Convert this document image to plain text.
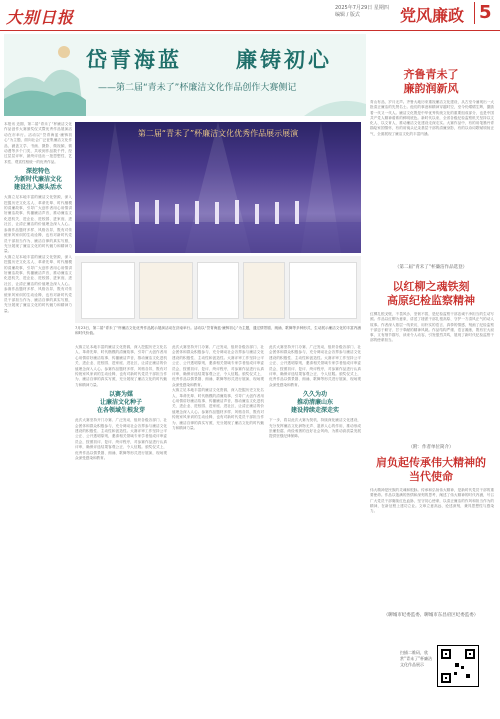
大别日报	2025年7月29日 星期四
编辑 / 版式	党风廉政 5
岱青海蓝	廉铸初心
——第二届“青未了”杯廉洁文化作品创作大赛侧记

本报讯 近期，第二届“青未了”杯廉洁文化作品创作大赛颁奖仪式暨优秀作品展演活动在市举行。活动以“岱青海蓝·廉铸初心”为主题，面向社会广泛征集廉洁文化作品，涵盖文学、书画、摄影、微视频、微动漫等多个门类，共收到作品数千件，经过层层评审，最终评选出一批思想性、艺术性、观赏性相统一的优秀作品。

深挖特色
为新时代廉洁文化
建设注入源头活水

大赛立足本地丰富的廉洁文化资源，深入挖掘历史文化名人、革命先辈、时代楷模的清廉故事，引导广大创作者用心用情讲好廉洁故事、传播廉洁声音，推动廉洁文化进机关、进企业、进校园、进家庭、进社区，让清正廉洁的价值理念深入人心。参赛作品题材多样、风格各异，既有对传统家风家训的生动诠释，也有对新时代党员干部担当作为、廉洁自律的真实写照，充分展现了廉洁文化的时代魅力和精神力量。

大赛立足本地丰富的廉洁文化资源，深入挖掘历史文化名人、革命先辈、时代楷模的清廉故事，引导广大创作者用心用情讲好廉洁故事、传播廉洁声音，推动廉洁文化进机关、进企业、进校园、进家庭、进社区，让清正廉洁的价值理念深入人心。参赛作品题材多样、风格各异，既有对传统家风家训的生动诠释，也有对新时代党员干部担当作为、廉洁自律的真实写照，充分展现了廉洁文化的时代魅力和精神力量。

第二届“青未了”杯廉洁文化优秀作品展示展演
7月23日，第二届“青未了”杯廉洁文化优秀作品展示展演活动在济南举行。活动以“岱青海蓝·廉铸初心”为主题，通过情景剧、朗诵、歌舞等多种形式，生动展示廉洁文化的丰富内涵和时代价值。

大赛立足本地丰富的廉洁文化资源，深入挖掘历史文化名人、革命先辈、时代楷模的清廉故事，引导广大创作者用心用情讲好廉洁故事、传播廉洁声音，推动廉洁文化进机关、进企业、进校园、进家庭、进社区，让清正廉洁的价值理念深入人心。参赛作品题材多样、风格各异，既有对传统家风家训的生动诠释，也有对新时代党员干部担当作为、廉洁自律的真实写照，充分展现了廉洁文化的时代魅力和精神力量。

以赛为媒
让廉洁文化种子
在各领域生根发芽

此次大赛坚持开门办赛、广泛发动，组织各级各部门、社会团体和群众积极参与，充分调动社会各界参与廉洁文化建设的积极性、主动性和创造性。大赛评审工作坚持公平公正、公开透明原则，邀请相关领域专家学者组成评审委员会，按照初评、复评、终评程序，对参赛作品进行认真评审，确保评选结果客观公正、令人信服。颁奖仪式上，优秀作品以情景剧、朗诵、歌舞等形式进行展演，现场观众深受感染和教育。

此次大赛坚持开门办赛、广泛发动，组织各级各部门、社会团体和群众积极参与，充分调动社会各界参与廉洁文化建设的积极性、主动性和创造性。大赛评审工作坚持公平公正、公开透明原则，邀请相关领域专家学者组成评审委员会，按照初评、复评、终评程序，对参赛作品进行认真评审，确保评选结果客观公正、令人信服。颁奖仪式上，优秀作品以情景剧、朗诵、歌舞等形式进行展演，现场观众深受感染和教育。

大赛立足本地丰富的廉洁文化资源，深入挖掘历史文化名人、革命先辈、时代楷模的清廉故事，引导广大创作者用心用情讲好廉洁故事、传播廉洁声音，推动廉洁文化进机关、进企业、进校园、进家庭、进社区，让清正廉洁的价值理念深入人心。参赛作品题材多样、风格各异，既有对传统家风家训的生动诠释，也有对新时代党员干部担当作为、廉洁自律的真实写照，充分展现了廉洁文化的时代魅力和精神力量。

此次大赛坚持开门办赛、广泛发动，组织各级各部门、社会团体和群众积极参与，充分调动社会各界参与廉洁文化建设的积极性、主动性和创造性。大赛评审工作坚持公平公正、公开透明原则，邀请相关领域专家学者组成评审委员会，按照初评、复评、终评程序，对参赛作品进行认真评审，确保评选结果客观公正、令人信服。颁奖仪式上，优秀作品以情景剧、朗诵、歌舞等形式进行展演，现场观众深受感染和教育。

久久为功
推动清廉山东
建设持续走深走实

下一步，将以此次大赛为契机，持续深化廉洁文化建设，充分发挥廉洁文化润物无声、滋养人心的作用，推动形成崇廉拒腐、尚俭戒奢的良好社会风尚，为推动高质量发展提供坚强纪律保障。

齐鲁青未了
廉韵润新风
青山有品，岁月无声。齐鲁大地历来重视廉洁文化建设，从古至今涌现出一大批清正廉洁的先贤名士。他们的事迹和精神穿越时空，至今仍熠熠生辉，激励着一代又一代人。廉洁文化既是中华优秀传统文化的重要组成部分，也是中国共产党人精神谱系的鲜明底色。新时代以来，全省各级纪检监察机关坚持以文化人、以文育人，推动廉洁文化建设走深走实。大赛作品中，有的用笔墨丹青描绘家国情怀，有的用镜头记录基层干部的清廉身影，有的以诗词歌赋颂扬正气，全面展现了廉洁文化的丰富内涵。
（第二届“青未了”杯廉洁作品选登）
以红柳之魂铁刻
高原纪检监察精神
红柳扎根戈壁，不畏风沙，坚韧不拔，是纪检监察干部忠诚干净担当的生动写照。作品以红柳为意象，讲述了援派干部扎根高原、守护一方清风正气的动人故事。作者深入基层一线采访，用朴实的语言、真挚的情感，刻画了纪检监察干部忠于职守、甘于奉献的精神风貌。作品结构严谨、语言凝练，既有宏大叙事，又有细节描写，读来令人动容，引发强烈共鸣，展现了新时代纪检监察干部的使命担当。
（附：作者单位简介）
肩负起传承伟大精神的
当代使命
伟大精神是民族的灵魂和根脉。传承和弘扬伟大精神，是新时代党员干部的重要使命。作品以饱满的热情和深刻的思考，阐述了伟大精神的时代内涵，号召广大党员干部赓续红色血脉，坚守初心使命，以清正廉洁的作风和担当作为的精神，在新征程上建功立业。文章立意高远、论述深刻，兼具思想性与感染力。
（聊城市纪委监委、聊城市东昌府区纪委监委）
扫描二维码，欣赏“青未了”杯廉洁文化作品展示
